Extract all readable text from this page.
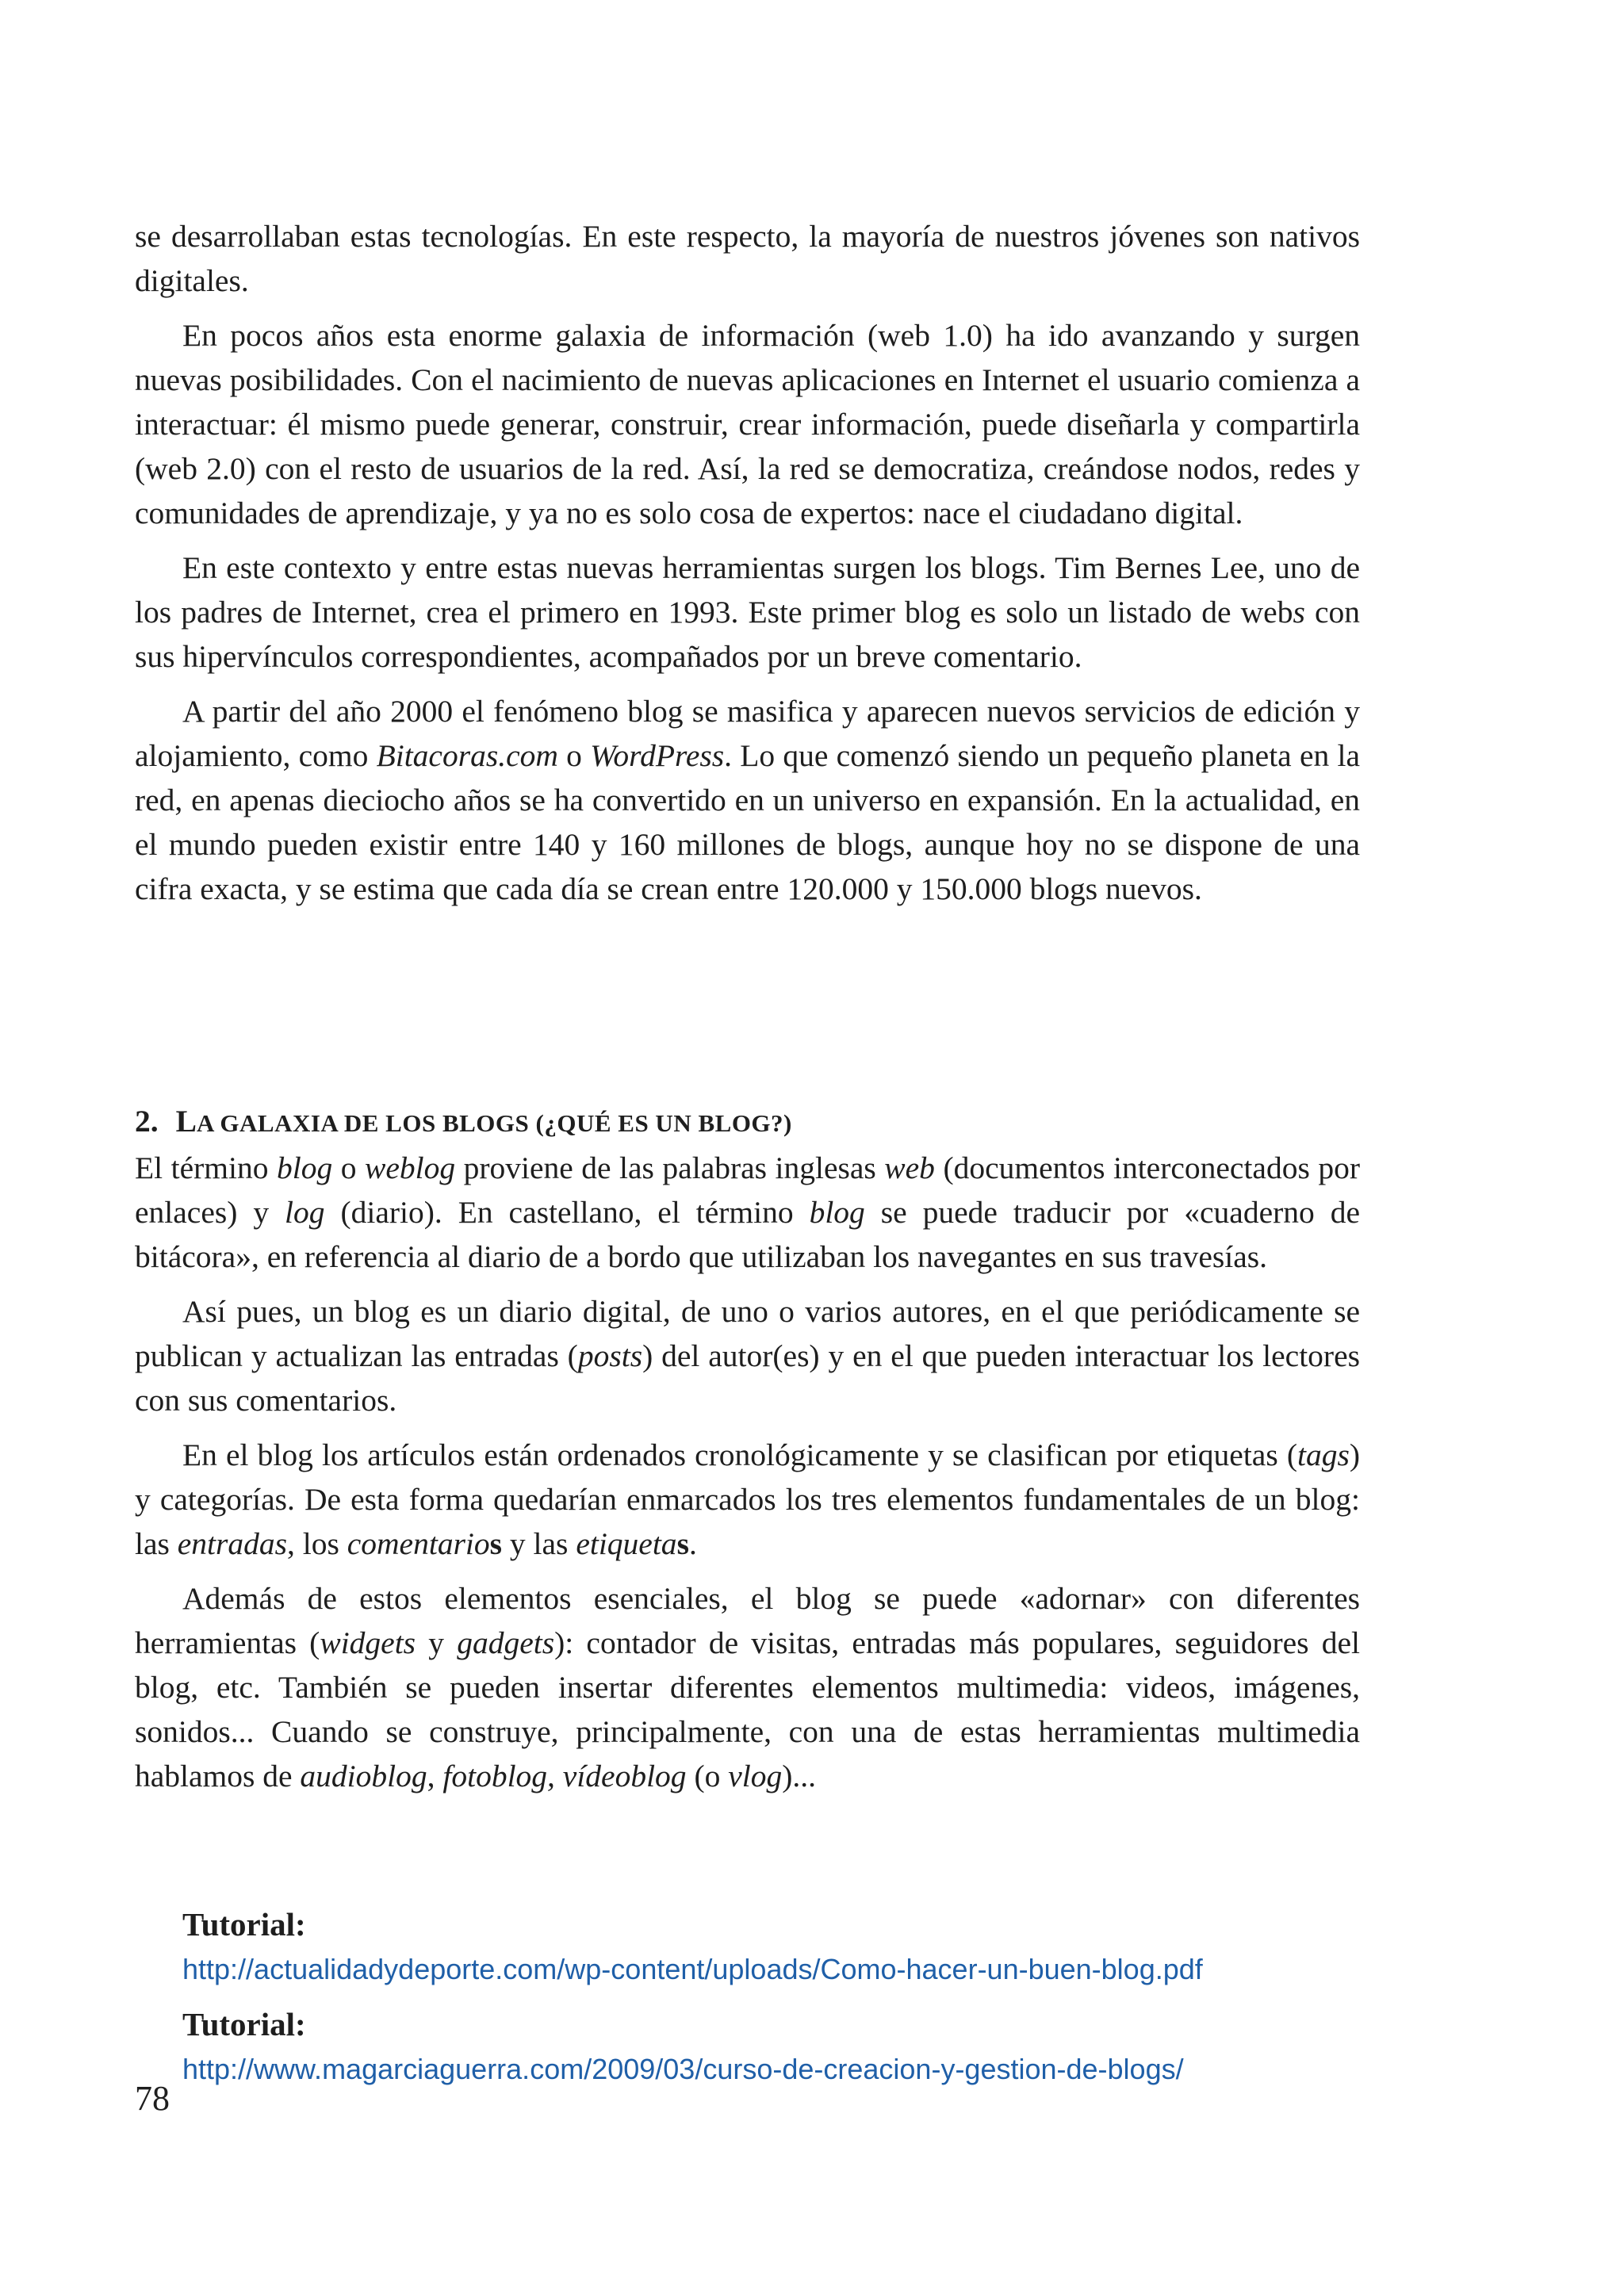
se desarrollaban estas tecnologías. En este respecto, la mayoría de nuestros jóvenes son nativos digitales.

En pocos años esta enorme galaxia de información (web 1.0) ha ido avanzando y surgen nuevas posibilidades. Con el nacimiento de nuevas aplicaciones en Internet el usuario comienza a interactuar: él mismo puede generar, construir, crear información, puede diseñarla y compartirla (web 2.0) con el resto de usuarios de la red. Así, la red se democratiza, creándose nodos, redes y comunidades de aprendizaje, y ya no es solo cosa de expertos: nace el ciudadano digital.

En este contexto y entre estas nuevas herramientas surgen los blogs. Tim Bernes Lee, uno de los padres de Internet, crea el primero en 1993. Este primer blog es solo un listado de webs con sus hipervínculos correspondientes, acompañados por un breve comentario.

A partir del año 2000 el fenómeno blog se masifica y aparecen nuevos servicios de edición y alojamiento, como Bitacoras.com o WordPress. Lo que comenzó siendo un pequeño planeta en la red, en apenas dieciocho años se ha convertido en un universo en expansión. En la actualidad, en el mundo pueden existir entre 140 y 160 millones de blogs, aunque hoy no se dispone de una cifra exacta, y se estima que cada día se crean entre 120.000 y 150.000 blogs nuevos.

2. LA GALAXIA DE LOS BLOGS (¿QUÉ ES UN BLOG?)

El término blog o weblog proviene de las palabras inglesas web (documentos interconectados por enlaces) y log (diario). En castellano, el término blog se puede traducir por «cuaderno de bitácora», en referencia al diario de a bordo que utilizaban los navegantes en sus travesías.

Así pues, un blog es un diario digital, de uno o varios autores, en el que periódicamente se publican y actualizan las entradas (posts) del autor(es) y en el que pueden interactuar los lectores con sus comentarios.

En el blog los artículos están ordenados cronológicamente y se clasifican por etiquetas (tags) y categorías. De esta forma quedarían enmarcados los tres elementos fundamentales de un blog: las entradas, los comentarios y las etiquetas.

Además de estos elementos esenciales, el blog se puede «adornar» con diferentes herramientas (widgets y gadgets): contador de visitas, entradas más populares, seguidores del blog, etc. También se pueden insertar diferentes elementos multimedia: videos, imágenes, sonidos... Cuando se construye, principalmente, con una de estas herramientas multimedia hablamos de audioblog, fotoblog, vídeoblog (o vlog)...

Tutorial:

http://actualidadydeporte.com/wp-content/uploads/Como-hacer-un-buen-blog.pdf

Tutorial:

http://www.magarciaguerra.com/2009/03/curso-de-creacion-y-gestion-de-blogs/
78
